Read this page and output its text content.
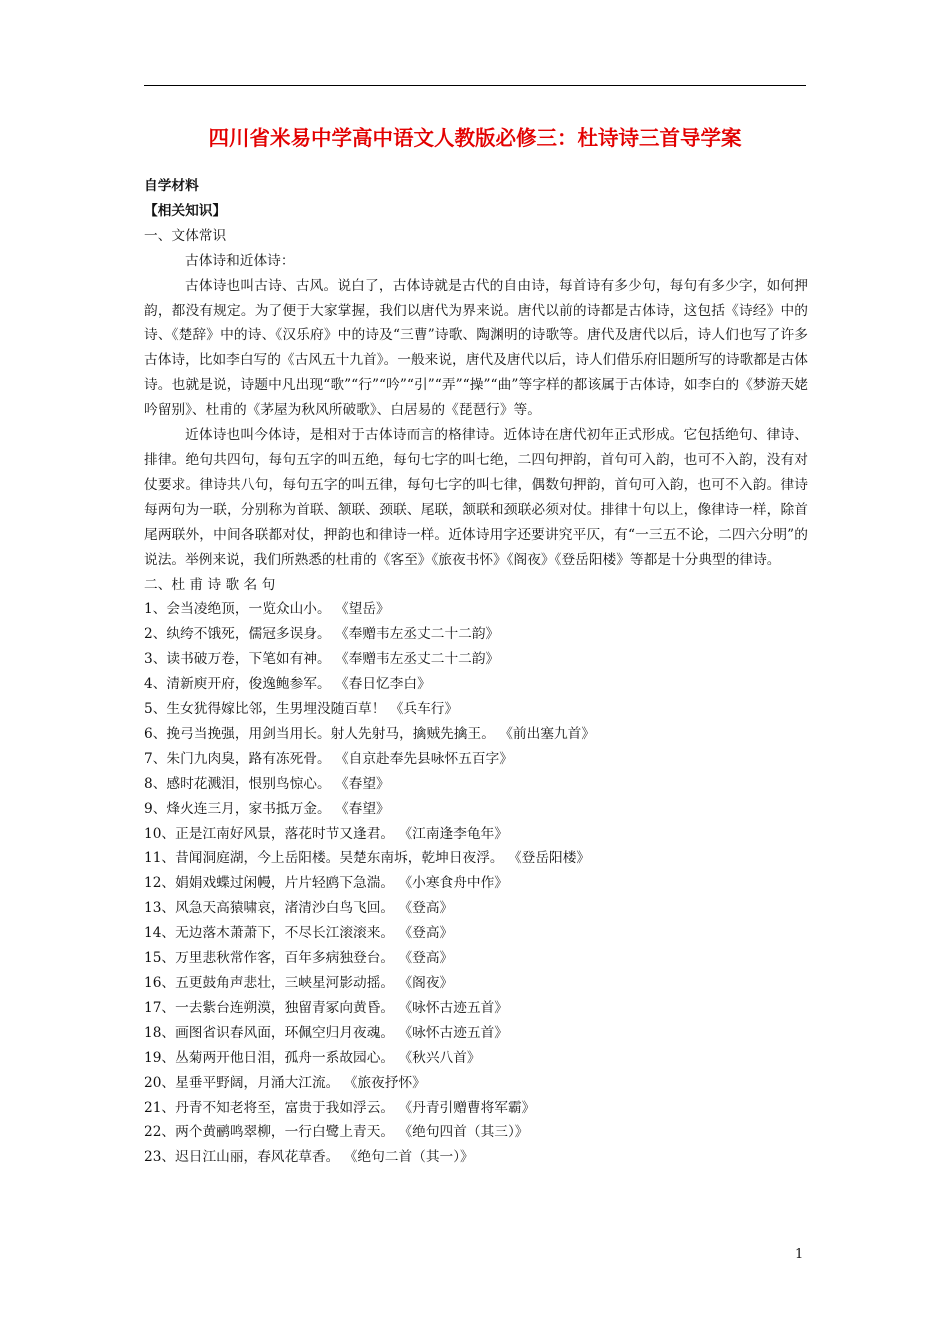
四川省米易中学高中语文人教版必修三：杜诗诗三首导学案
自学材料
【相关知识】
一、文体常识
古体诗和近体诗：

古体诗也叫古诗、古风。说白了，古体诗就是古代的自由诗，每首诗有多少句，每句有多少字，如何押韵，都没有规定。为了便于大家掌握，我们以唐代为界来说。唐代以前的诗都是古体诗，这包括《诗经》中的诗、《楚辞》中的诗、《汉乐府》中的诗及“三曹”诗歌、陶渊明的诗歌等。唐代及唐代以后，诗人们也写了许多古体诗，比如李白写的《古风五十九首》。一般来说，唐代及唐代以后，诗人们借乐府旧题所写的诗歌都是古体诗。也就是说，诗题中凡出现“歌”“行”“吟”“引”“弄”“操”“曲”等字样的都该属于古体诗，如李白的《梦游天姥吟留别》、杜甫的《茅屋为秋风所破歌》、白居易的《琵琶行》等。

近体诗也叫今体诗，是相对于古体诗而言的格律诗。近体诗在唐代初年正式形成。它包括绝句、律诗、排律。绝句共四句，每句五字的叫五绝，每句七字的叫七绝，二四句押韵，首句可入韵，也可不入韵，没有对仗要求。律诗共八句，每句五字的叫五律，每句七字的叫七律，偶数句押韵，首句可入韵，也可不入韵。律诗每两句为一联，分别称为首联、颔联、颈联、尾联，颔联和颈联必须对仗。排律十句以上，像律诗一样，除首尾两联外，中间各联都对仗，押韵也和律诗一样。近体诗用字还要讲究平仄，有“一三五不论，二四六分明”的说法。举例来说，我们所熟悉的杜甫的《客至》《旅夜书怀》《阁夜》《登岳阳楼》等都是十分典型的律诗。

二、杜 甫 诗 歌 名 句
1、会当凌绝顶，一览众山小。 《望岳》
2、纨绔不饿死，儒冠多误身。 《奉赠韦左丞丈二十二韵》
3、读书破万卷，下笔如有神。 《奉赠韦左丞丈二十二韵》
4、清新庾开府，俊逸鲍参军。 《春日忆李白》
5、生女犹得嫁比邻，生男埋没随百草！ 《兵车行》
6、挽弓当挽强，用剑当用长。射人先射马，擒贼先擒王。 《前出塞九首》
7、朱门九肉臭，路有冻死骨。 《自京赴奉先县咏怀五百字》
8、感时花溅泪，恨别鸟惊心。 《春望》
9、烽火连三月，家书抵万金。 《春望》
10、正是江南好风景，落花时节又逢君。 《江南逢李龟年》
11、昔闻洞庭湖，今上岳阳楼。吴楚东南坼，乾坤日夜浮。 《登岳阳楼》
12、娟娟戏蝶过闲幔，片片轻鸥下急湍。 《小寒食舟中作》
13、风急天高猿啸哀，渚清沙白鸟飞回。 《登高》
14、无边落木萧萧下，不尽长江滚滚来。 《登高》
15、万里悲秋常作客，百年多病独登台。 《登高》
16、五更鼓角声悲壮，三峡星河影动摇。 《阁夜》
17、一去紫台连朔漠，独留青冢向黄昏。 《咏怀古迹五首》
18、画图省识春风面，环佩空归月夜魂。 《咏怀古迹五首》
19、丛菊两开他日泪，孤舟一系故园心。 《秋兴八首》
20、星垂平野阔，月涌大江流。 《旅夜抒怀》
21、丹青不知老将至，富贵于我如浮云。 《丹青引赠曹将军霸》
22、两个黄鹂鸣翠柳，一行白鹭上青天。 《绝句四首（其三）》
23、迟日江山丽，春风花草香。 《绝句二首（其一）》
1
